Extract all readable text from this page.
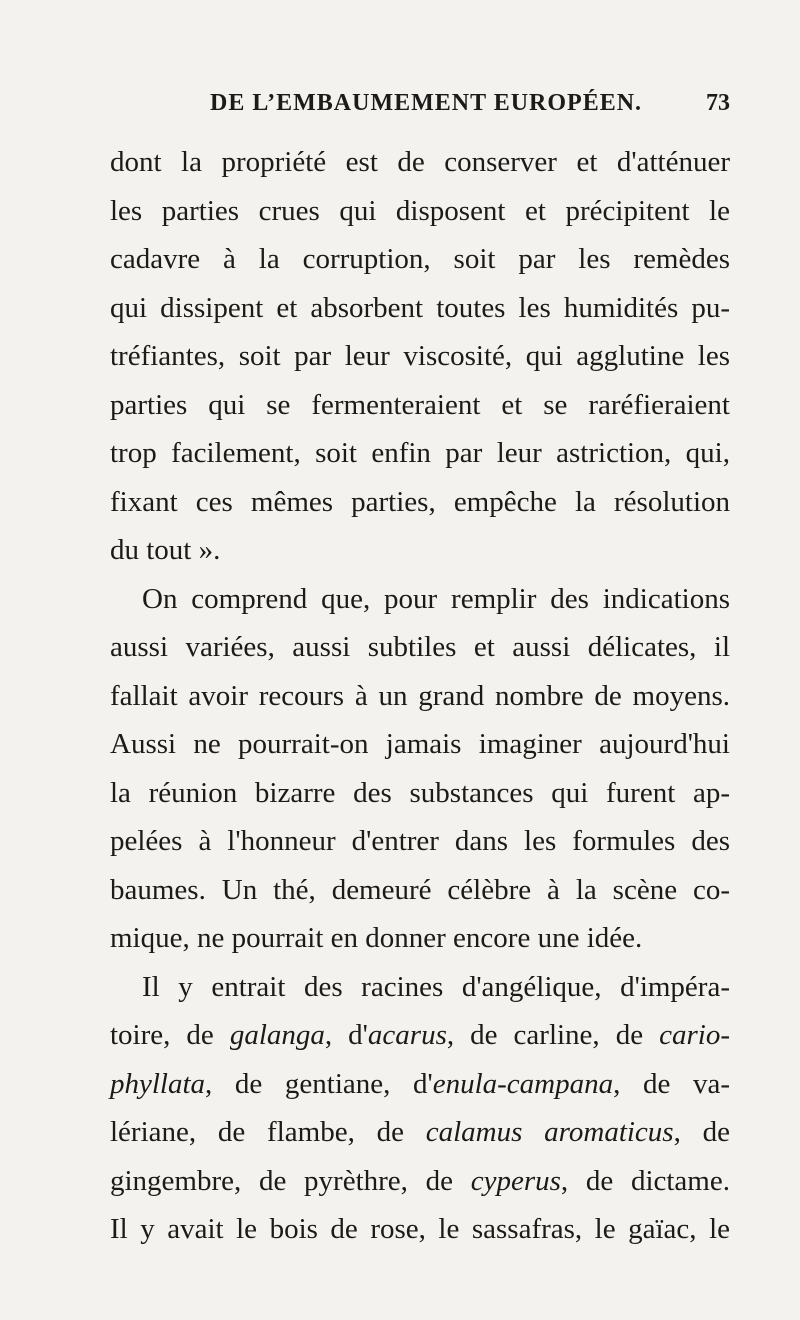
DE L’EMBAUMEMENT EUROPÉEN.	73
dont la propriété est de conserver et d'atténuer
les parties crues qui disposent et précipitent le
cadavre à la corruption, soit par les remèdes
qui dissipent et absorbent toutes les humidités pu-
tréfiantes, soit par leur viscosité, qui agglutine les
parties qui se fermenteraient et se raréfieraient
trop facilement, soit enfin par leur astriction, qui,
fixant ces mêmes parties, empêche la résolution
du tout ».
On comprend que, pour remplir des indications
aussi variées, aussi subtiles et aussi délicates, il
fallait avoir recours à un grand nombre de moyens.
Aussi ne pourrait-on jamais imaginer aujourd'hui
la réunion bizarre des substances qui furent ap-
pelées à l'honneur d'entrer dans les formules des
baumes. Un thé, demeuré célèbre à la scène co-
mique, ne pourrait en donner encore une idée.
Il y entrait des racines d'angélique, d'impéra-
toire, de galanga, d'acarus, de carline, de cario-
phyllata, de gentiane, d'enula-campana, de va-
lériane, de flambe, de calamus aromaticus, de
gingembre, de pyrèthre, de cyperus, de dictame.
Il y avait le bois de rose, le sassafras, le gaïac, le
